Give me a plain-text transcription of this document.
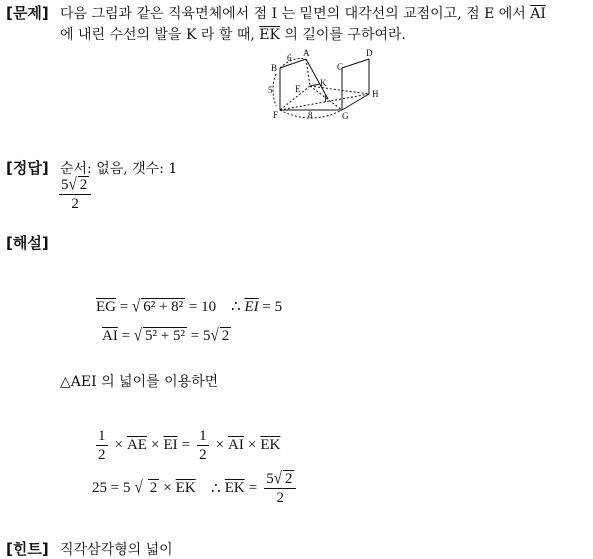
[문제] 다음 그림과 같은 직육면체에서 점 I 는 밑면의 대각선의 교점이고, 점 E 에서 $\overline{AI}$
에 내린 수선의 발을 K 라 할 때, $\overline{EK}$ 의 길이를 구하여라.
A
B	C
D
E
F	G
H
K
I
6
5
8
[정답] 순서: 없음, 갯수: 1
$\frac{5√ 2}{2}$
[해설]
$\overline{EG}$ = √ 6² + 8² = 10 ∴ $\overline{EI} = 5$
$\overline{AI}$ = √ 5² + 5² = 5√ 2
△AEI 의 넓이를 이용하면
$\frac{1}{2} \times \overline{AE} \times \overline{EI} = \frac{1}{2} \times \overline{AI} \times \overline{EK}$
25 = 5 √ $2 \times \overline{EK}$
∴ $\overline{EK} = \frac{5√ 2}{2}$
[힌트] 직각삼각형의 넓이
